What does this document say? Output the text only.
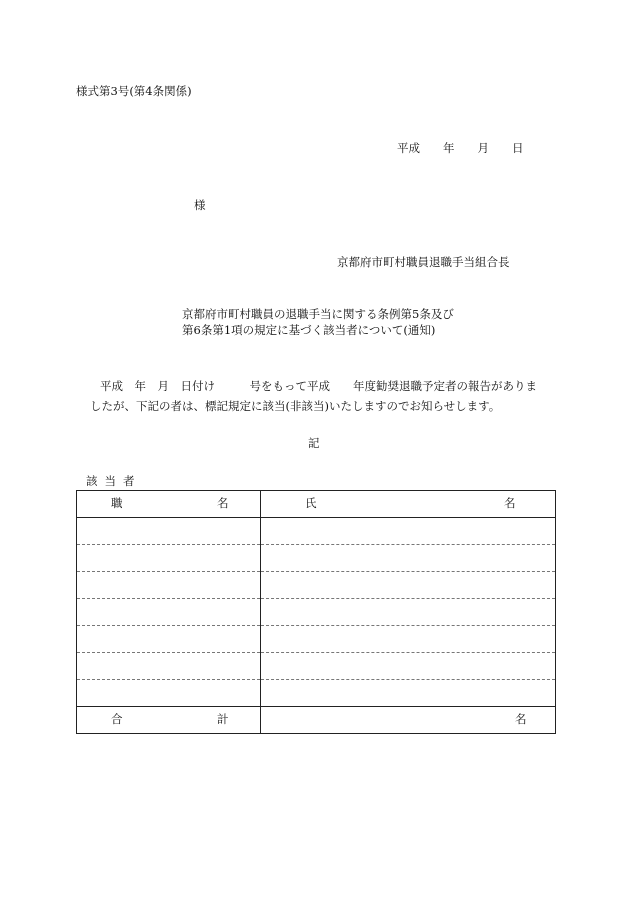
様式第3号(第4条関係)
平成　　年　　月　　日
様
京都府市町村職員退職手当組合長
京都府市町村職員の退職手当に関する条例第5条及び
第6条第1項の規定に基づく該当者について(通知)
平成　年　月　日付け　　　号をもって平成　　年度勧奨退職予定者の報告がありま
したが、下記の者は、標記規定に該当(非該当)いたしますのでお知らせします。
記
該当者
職 名	氏 名

合 計	名
